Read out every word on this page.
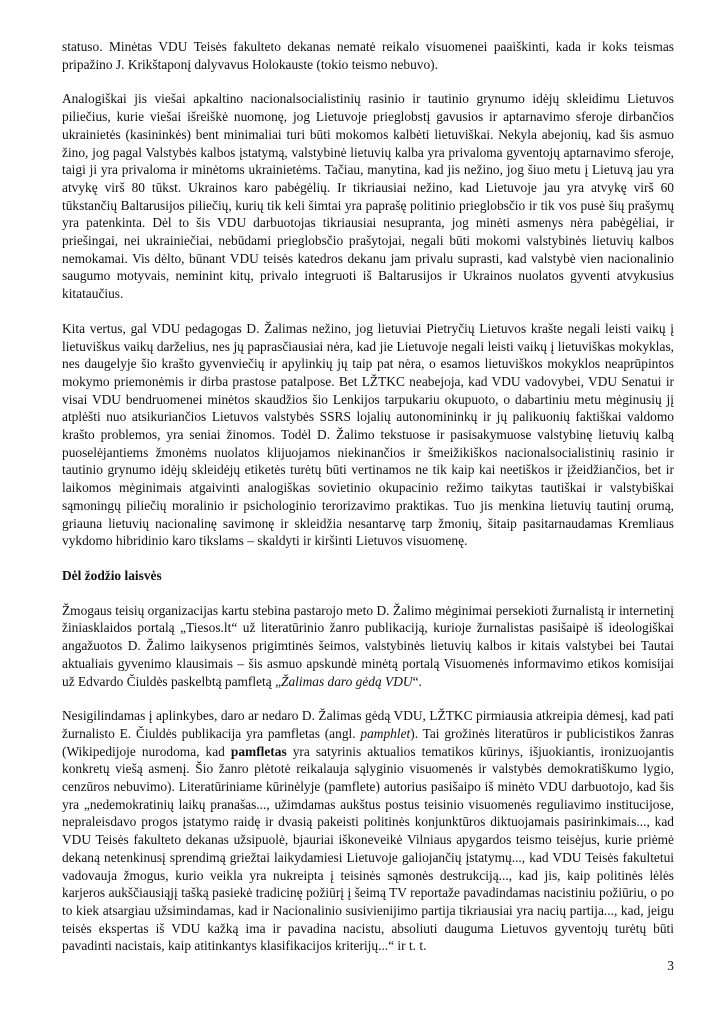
statuso. Minėtas VDU Teisės fakulteto dekanas nematė reikalo visuomenei paaiškinti, kada ir koks teismas pripažino J. Krikštaponį dalyvavus Holokauste (tokio teismo nebuvo).

Analogiškai jis viešai apkaltino nacionalsocialistinių rasinio ir tautinio grynumo idėjų skleidimu Lietuvos piliečius, kurie viešai išreiškė nuomonę, jog Lietuvoje prieglobstį gavusios ir aptarnavimo sferoje dirbančios ukrainietės (kasininkės) bent minimaliai turi būti mokomos kalbėti lietuviškai. Nekyla abejonių, kad šis asmuo žino, jog pagal Valstybės kalbos įstatymą, valstybinė lietuvių kalba yra privaloma gyventojų aptarnavimo sferoje, taigi ji yra privaloma ir minėtoms ukrainietėms. Tačiau, manytina, kad jis nežino, jog šiuo metu į Lietuvą jau yra atvykę virš 80 tūkst. Ukrainos karo pabėgėlių. Ir tikriausiai nežino, kad Lietuvoje jau yra atvykę virš 60 tūkstančių Baltarusijos piliečių, kurių tik keli šimtai yra paprašę politinio prieglobsčio ir tik vos pusė šių prašymų yra patenkinta. Dėl to šis VDU darbuotojas tikriausiai nesupranta, jog minėti asmenys nėra pabėgėliai, ir priešingai, nei ukrainiečiai, nebūdami prieglobsčio prašytojai, negali būti mokomi valstybinės lietuvių kalbos nemokamai. Vis dėlto, būnant VDU teisės katedros dekanu jam privalu suprasti, kad valstybė vien nacionalinio saugumo motyvais, neminint kitų, privalo integruoti iš Baltarusijos ir Ukrainos nuolatos gyventi atvykusius kitataučius.

Kita vertus, gal VDU pedagogas D. Žalimas nežino, jog lietuviai Pietryčių Lietuvos krašte negali leisti vaikų į lietuviškus vaikų darželius, nes jų paprasčiausiai nėra, kad jie Lietuvoje negali leisti vaikų į lietuviškas mokyklas, nes daugelyje šio krašto gyvenviečių ir apylinkių jų taip pat nėra, o esamos lietuviškos mokyklos neaprūpintos mokymo priemonėmis ir dirba prastose patalpose. Bet LŽTKC neabejoja, kad VDU vadovybei, VDU Senatui ir visai VDU bendruomenei minėtos skaudžios šio Lenkijos tarpukariu okupuoto, o dabartiniu metu mėginusių jį atplėšti nuo atsikuriančios Lietuvos valstybės SSRS lojalių autonomininkų ir jų palikuonių faktiškai valdomo krašto problemos, yra seniai žinomos. Todėl D. Žalimo tekstuose ir pasisakymuose valstybinę lietuvių kalbą puoselėjantiems žmonėms nuolatos klijuojamos niekinančios ir šmeižikiškos nacionalsocialistinių rasinio ir tautinio grynumo idėjų skleidėjų etiketės turėtų būti vertinamos ne tik kaip kai neetiškos ir įžeidžiančios, bet ir laikomos mėginimais atgaivinti analogiškas sovietinio okupacinio režimo taikytas tautiškai ir valstybiškai sąmoningų piliečių moralinio ir psichologinio terorizavimo praktikas. Tuo jis menkina lietuvių tautinį orumą, griauna lietuvių nacionalinę savimonę ir skleidžia nesantarvę tarp žmonių, šitaip pasitarnaudamas Kremliaus vykdomo hibridinio karo tikslams – skaldyti ir kiršinti Lietuvos visuomenę.

Dėl žodžio laisvės

Žmogaus teisių organizacijas kartu stebina pastarojo meto D. Žalimo mėginimai persekioti žurnalistą ir internetinį žiniasklaidos portalą „Tiesos.lt“ už literatūrinio žanro publikaciją, kurioje žurnalistas pasišaipė iš ideologiškai angažuotos D. Žalimo laikysenos prigimtinės šeimos, valstybinės lietuvių kalbos ir kitais valstybei bei Tautai aktualiais gyvenimo klausimais – šis asmuo apskundė minėtą portalą Visuomenės informavimo etikos komisijai už Edvardo Čiuldės paskelbtą pamfletą „Žalimas daro gėdą VDU“.

Nesigilindamas į aplinkybes, daro ar nedaro D. Žalimas gėdą VDU, LŽTKC pirmiausia atkreipia dėmesį, kad pati žurnalisto E. Čiuldės publikacija yra pamfletas (angl. pamphlet). Tai grožinės literatūros ir publicistikos žanras (Wikipedijoje nurodoma, kad pamfletas yra satyrinis aktualios tematikos kūrinys, išjuokiantis, ironizuojantis konkretų viešą asmenį. Šio žanro plėtotė reikalauja sąlyginio visuomenės ir valstybės demokratiškumo lygio, cenzūros nebuvimo). Literatūriniame kūrinėlyje (pamflete) autorius pasišaipo iš minėto VDU darbuotojo, kad šis yra „nedemokratinių laikų pranašas..., užimdamas aukštus postus teisinio visuomenės reguliavimo institucijose, nepraleisdavo progos įstatymo raidę ir dvasią pakeisti politinės konjunktūros diktuojamais pasirinkimais..., kad VDU Teisės fakulteto dekanas užsipuolė, bjauriai iškoneveikė Vilniaus apygardos teismo teisėjus, kurie priėmė dekaną netenkinusį sprendimą griežtai laikydamiesi Lietuvoje galiojančių įstatymų..., kad VDU Teisės fakultetui vadovauja žmogus, kurio veikla yra nukreipta į teisinės sąmonės destrukciją..., kad jis, kaip politinės lėlės karjeros aukščiausiąjį tašką pasiekė tradicinę požiūrį į šeimą TV reportaže pavadindamas nacistiniu požiūriu, o po to kiek atsargiau užsimindamas, kad ir Nacionalinio susivienijimo partija tikriausiai yra nacių partija..., kad, jeigu teisės ekspertas iš VDU kažką ima ir pavadina nacistu, absoliuti dauguma Lietuvos gyventojų turėtų būti pavadinti nacistais, kaip atitinkantys klasifikacijos kriterijų...“ ir t. t.

3
